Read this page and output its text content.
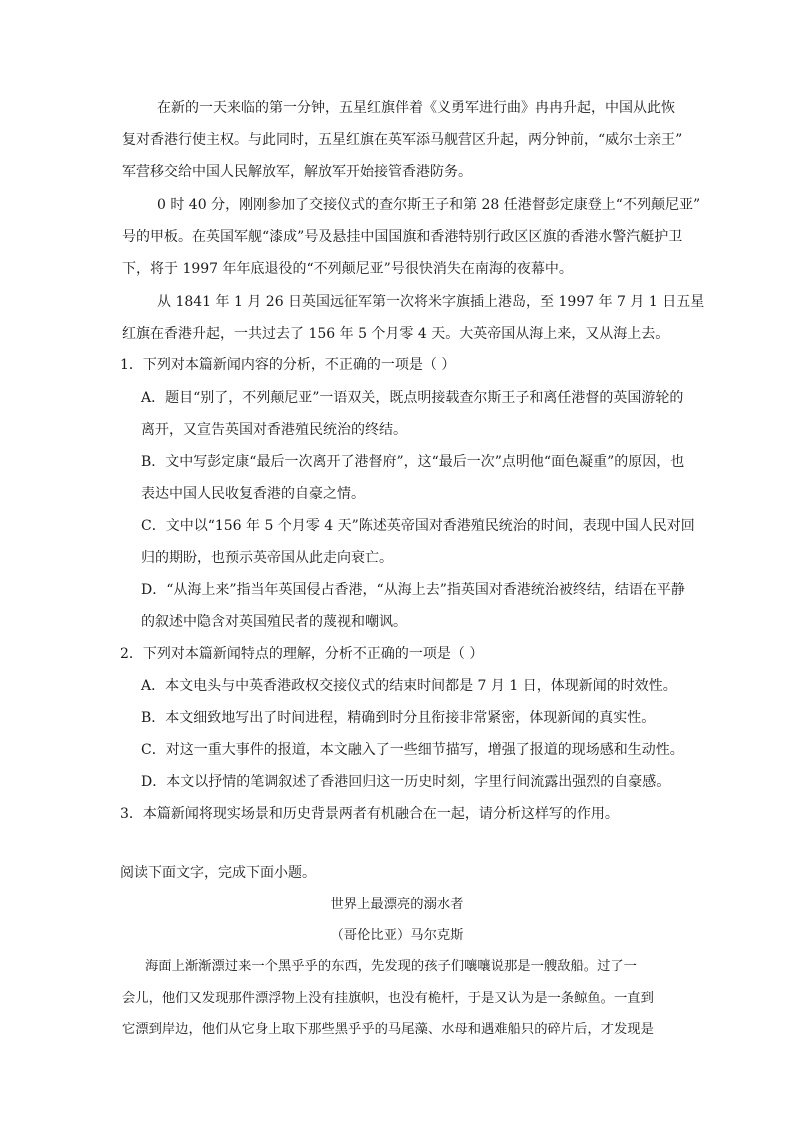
在新的一天来临的第一分钟，五星红旗伴着《义勇军进行曲》冉冉升起，中国从此恢

复对香港行使主权。与此同时，五星红旗在英军添马舰营区升起，两分钟前，“威尔士亲王”

军营移交给中国人民解放军，解放军开始接管香港防务。

0 时 40 分，刚刚参加了交接仪式的查尔斯王子和第 28 任港督彭定康登上“不列颠尼亚”

号的甲板。在英国军舰“漆成”号及悬挂中国国旗和香港特别行政区区旗的香港水警汽艇护卫

下，将于 1997 年年底退役的“不列颠尼亚”号很快消失在南海的夜幕中。

从 1841 年 1 月 26 日英国远征军第一次将米字旗插上港岛，至 1997 年 7 月 1 日五星

红旗在香港升起，一共过去了 156 年 5 个月零 4 天。大英帝国从海上来，又从海上去。

1．下列对本篇新闻内容的分析，不正确的一项是（ ）

A．题目“别了，不列颠尼亚”一语双关，既点明接载查尔斯王子和离任港督的英国游轮的

离开，又宣告英国对香港殖民统治的终结。

B．文中写彭定康“最后一次离开了港督府”，这“最后一次”点明他“面色凝重”的原因，也

表达中国人民收复香港的自豪之情。

C．文中以“156 年 5 个月零 4 天”陈述英帝国对香港殖民统治的时间，表现中国人民对回

归的期盼，也预示英帝国从此走向衰亡。

D．“从海上来”指当年英国侵占香港，“从海上去”指英国对香港统治被终结，结语在平静

的叙述中隐含对英国殖民者的蔑视和嘲讽。

2．下列对本篇新闻特点的理解，分析不正确的一项是（ ）

A．本文电头与中英香港政权交接仪式的结束时间都是 7 月 1 日，体现新闻的时效性。

B．本文细致地写出了时间进程，精确到时分且衔接非常紧密，体现新闻的真实性。

C．对这一重大事件的报道，本文融入了一些细节描写，增强了报道的现场感和生动性。

D．本文以抒情的笔调叙述了香港回归这一历史时刻，字里行间流露出强烈的自豪感。

3．本篇新闻将现实场景和历史背景两者有机融合在一起，请分析这样写的作用。

阅读下面文字，完成下面小题。

世界上最漂亮的溺水者

（哥伦比亚）马尔克斯

海面上渐渐漂过来一个黑乎乎的东西，先发现的孩子们嚷嚷说那是一艘敌船。过了一

会儿，他们又发现那件漂浮物上没有挂旗帜，也没有桅杆，于是又认为是一条鲸鱼。一直到

它漂到岸边，他们从它身上取下那些黑乎乎的马尾藻、水母和遇难船只的碎片后，才发现是
